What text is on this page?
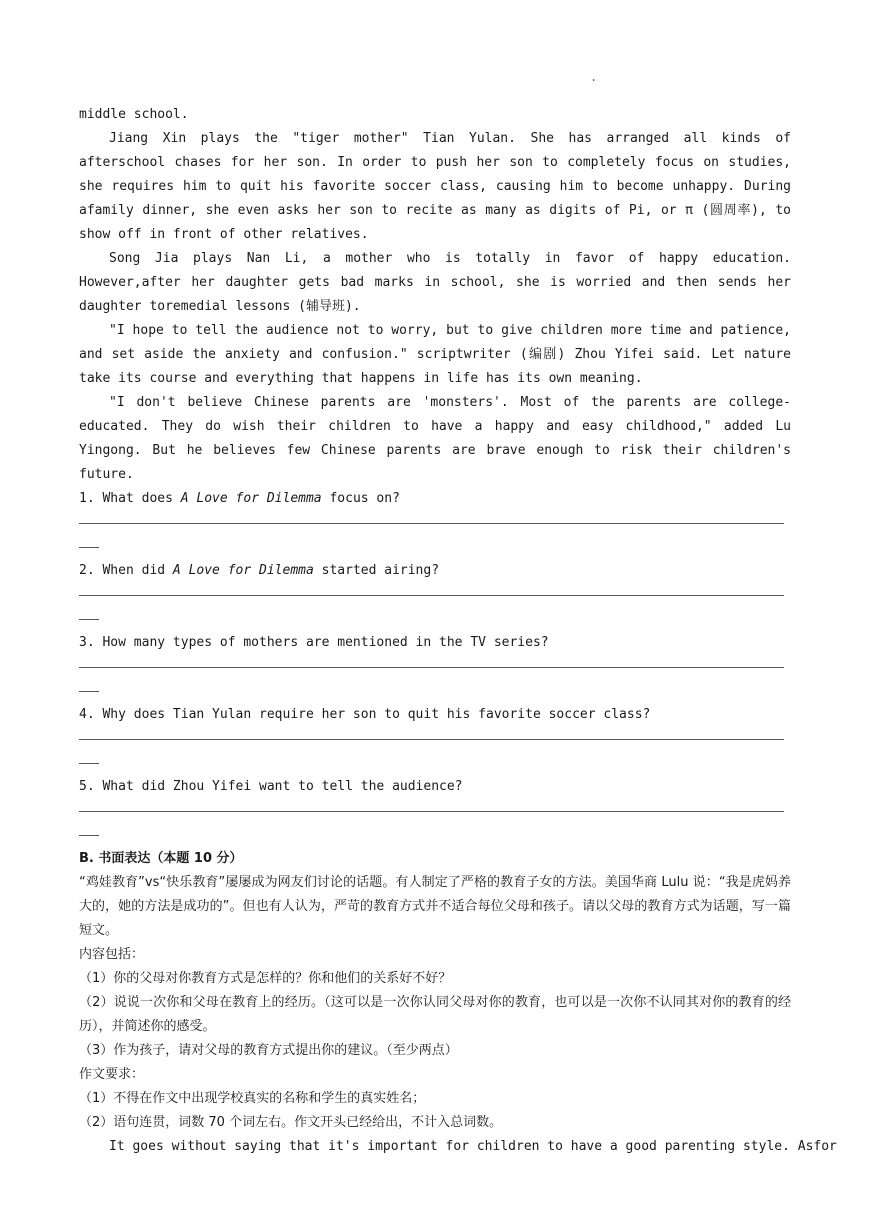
.
middle school.
Jiang Xin plays the "tiger mother" Tian Yulan. She has arranged all kinds of afterschool chases for her son. In order to push her son to completely focus on studies, she requires him to quit his favorite soccer class, causing him to become unhappy. During afamily dinner, she even asks her son to recite as many as digits of Pi, or π (圆周率), to show off in front of other relatives.
Song Jia plays Nan Li, a mother who is totally in favor of happy education. However,after her daughter gets bad marks in school, she is worried and then sends her daughter toremedial lessons (辅导班).
"I hope to tell the audience not to worry, but to give children more time and patience, and set aside the anxiety and confusion." scriptwriter (编剧) Zhou Yifei said. Let nature take its course and everything that happens in life has its own meaning.
"I don't believe Chinese parents are 'monsters'. Most of the parents are college-educated. They do wish their children to have a happy and easy childhood," added Lu Yingong. But he believes few Chinese parents are brave enough to risk their children's future.
1. What does A Love for Dilemma focus on?
2. When did A Love for Dilemma started airing?
3. How many types of mothers are mentioned in the TV series?
4. Why does Tian Yulan require her son to quit his favorite soccer class?
5. What did Zhou Yifei want to tell the audience?
B. 书面表达（本题 10 分）
“鸡娃教育”vs“快乐教育”屡屡成为网友们讨论的话题。有人制定了严格的教育子女的方法。美国华商 Lulu 说：“我是虎妈养大的，她的方法是成功的”。但也有人认为，严苛的教育方式并不适合每位父母和孩子。请以父母的教育方式为话题，写一篇短文。
内容包括：
（1）你的父母对你教育方式是怎样的？你和他们的关系好不好？
（2）说说一次你和父母在教育上的经历。（这可以是一次你认同父母对你的教育，也可以是一次你不认同其对你的教育的经历），并简述你的感受。
（3）作为孩子，请对父母的教育方式提出你的建议。（至少两点）
作文要求：
（1）不得在作文中出现学校真实的名称和学生的真实姓名；
（2）语句连贯，词数 70 个词左右。作文开头已经给出，不计入总词数。
It goes without saying that it's important for children to have a good parenting style. Asfor
